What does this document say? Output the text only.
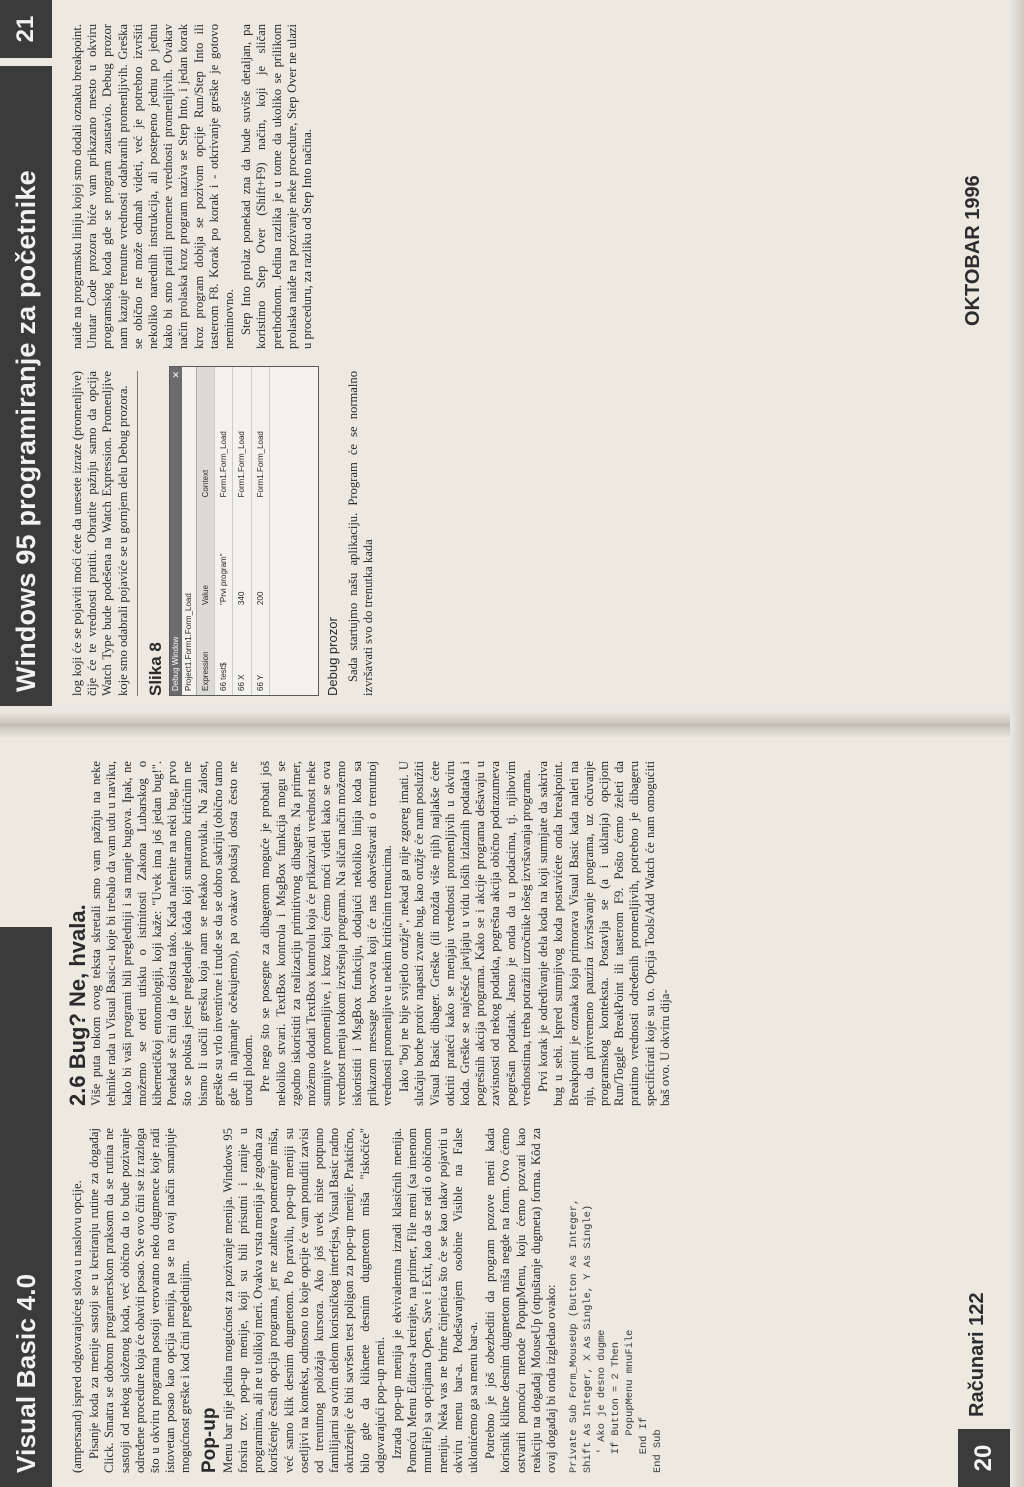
Windows 95 programiranje za početnike
21

log koji će se pojaviti moći ćete da unesete izraze (promenljive) čije će te vrednosti pratiti. Obratite pažnju samo da opcija Watch Type bude podešena na Watch Expression. Promenljive koje smo odabrali pojaviće se u gornjem delu Debug prozora. Slika 8 Debug Window
✕
Project1.Form1.Form_Load	Expression	Value	Context
66 test$	"Prvi program"	Form1.Form_Load
66 X	340	Form1.Form_Load
66 Y	200	Form1.Form_Load
Debug prozor Sada startujmo našu aplikaciju. Program će se normalno izvršavati svo do trenutka kada

naiđe na programsku liniju kojoj smo dodali oznaku breakpoint. Unutar Code prozora biće vam prikazano mesto u okviru programskog koda gde se program zaustavio. Debug prozor nam kazuje trenutne vrednosti odabranih promenljivih. Greška se obično ne može odmah videti, već je potrebno izvršiti nekoliko narednih instrukcija, ali postepeno jednu po jednu kako bi smo pratili promene vrednosti promenljivih. Ovakav način prolaska kroz program naziva se Step Into, i jedan korak kroz program dobija se pozivom opcije Run/Step Into ili tasterom F8. Korak po korak i - otkrivanje greške je gotovo neminovno. Step Into prolaz ponekad zna da bude suviše detaljan, pa koristimo Step Over (Shift+F9) način, koji je sličan prethodnom. Jedina razlika je u tome da ukoliko se prilikom prolaska naiđe na pozivanje neke procedure, Step Over ne ulazi u proceduru, za razliku od Step Into načina.	OKTOBAR 1996
Visual Basic 4.0 (ampersand) ispred odgovarajućeg slova u naslovu opcije. Pisanje koda za menije sastoji se u kreiranju rutine za događaj Click. Smatra se dobrom programerskom praksom da se rutina ne sastoji od nekog složenog koda, već obično da to bude pozivanje određene procedure koja će obaviti posao. Sve ovo čini se iz razloga što u okviru programa postoji verovatno neko dugmence koje radi istovetan posao kao opcija menija, pa se na ovaj način smanjuje mogućnost greške i kod čini preglednijim. Pop-up Menu bar nije jedina mogućnost za pozivanje menija. Windows 95 forsira tzv. pop-up menije, koji su bili prisutni i ranije u programima, ali ne u tolikoj meri. Ovakva vrsta menija je zgodna za korišćenje čestih opcija programa, jer ne zahteva pomeranje miša, već samo klik desnim dugmetom. Po pravilu, pop-up meniji su osetljivi na kontekst, odnosno to koje opcije će vam ponuditi zavisi od trenutnog položaja kursora. Ako još uvek niste potpuno familijarni sa ovim delom korisničkog interfejsa, Visual Basic radno okruženje će biti savršen test poligon za pop-up menije. Praktično, bilo gde da kliknete desnim dugmetom miša "iskočiće" odgovarajući pop-up meni. Izrada pop-up menija je ekvivalentna izradi klasičnih menija. Pomoću Menu Editor-a kreirajte, na primer, File meni (sa imenom mnuFile) sa opcijama Open, Save i Exit, kao da se radi o običnom meniju. Neka vas ne brine činjenica što će se kao takav pojaviti u okviru menu bar-a. Podešavanjem osobine Visible na False uklonićemo ga sa menu bar-a. Potrebno je još obezbediti da program pozove meni kada korisnik klikne desnim dugmetom miša negde na form. Ovo ćemo ostvariti pomoću metode PopupMenu, koju ćemo pozvati kao reakciju na događaj MouseUp (otpuštanje dugmeta) forma. Kôd za ovaj događaj bi onda izgledao ovako: Private Sub Form_MouseUp (Button As Integer,
Shift As Integer, X As Single, Y As Single)
' Ako je desno dugme
If Button = 2 Then
PopupMenu mnuFile
End If
End Sub
2.6 Bug? Ne, hvala. Više puta tokom ovog teksta skretali smo vam pažnju na neke tehnike rada u Visual Basic-u koje bi trebalo da vam udu u naviku, kako bi vaši programi bili pregledniji i sa manje bugova. Ipak, ne možemo se oteti utisku o istinitosti Zakona Lubarskog o kibernetičkoj entomologiji, koji kaže: "Uvek ima još jedan bug!". Ponekad se čini da je doista tako. Kada nalenite na neki bug, prvo što se pokuša jeste pregledanje kôda koji smatramo kritičnim ne bismo li uočili grešku koja nam se nekako provukla. Na žalost, greške su vrlo inventivne i trude se da se dobro sakriju (obično tamo gde ih najmanje očekujemo), pa ovakav pokušaj dosta često ne urodi plodom. Pre nego što se posegne za dibagerom moguće je probati još nekoliko stvari. TextBox kontrola i MsgBox funkcija mogu se zgodno iskoristiti za realizaciju primitivnog dibagera. Na primer, možemo dodati TextBox kontrolu koja će prikazivati vrednost neke sumnjive promenljive, i kroz koju ćemo moći videti kako se ova vrednost menja tokom izvršenja programa. Na sličan način možemo iskoristiti i MsgBox funkciju, dodajući nekoliko linija koda sa prikazom message box-ova koji će nas obaveštavati o trenutnoj vrednosti promenljive u nekim kritičnim trenucima. Iako "boj ne bije svijetlo oružje", nekad ga nije zgoreg imati. U slučaju borbe protiv napasti zvane bug, kao oružje će nam poslužiti Visual Basic dibager. Greške (ili možda više njih) najlakše ćete otkriti prateći kako se menjaju vrednosti promenljivih u okviru koda. Greške se najčešće javljaju u vidu loših izlaznih podataka i pogrešnih akcija programa. Kako se i akcije programa dešavaju u zavisnosti od nekog podatka, pogrešna akcija obično podrazumeva pogrešan podatak. Jasno je onda da u podacima, tj. njihovim vrednostima, treba potražiti uzročnike lošeg izvršavanja programa. Prvi korak je određivanje dela koda na koji sumnjate da sakriva bug u sebi. Ispred sumnjivog koda postavićete onda breakpoint. Breakpoint je oznaka koja primorava Visual Basic kada naleti na nju, da privremeno pauzira izvršavanje programa, uz očuvanje programskog konteksta. Postavlja se (a i uklanja) opcijom Run/Toggle BreakPoint ili tasterom F9. Pošto ćemo želeti da pratimo vrednosti određenih promenljivih, potrebno je dibageru specificirati koje su to. Opcija Tools/Add Watch će nam omogućiti baš ovo. U okviru dija-

20
Računari 122
